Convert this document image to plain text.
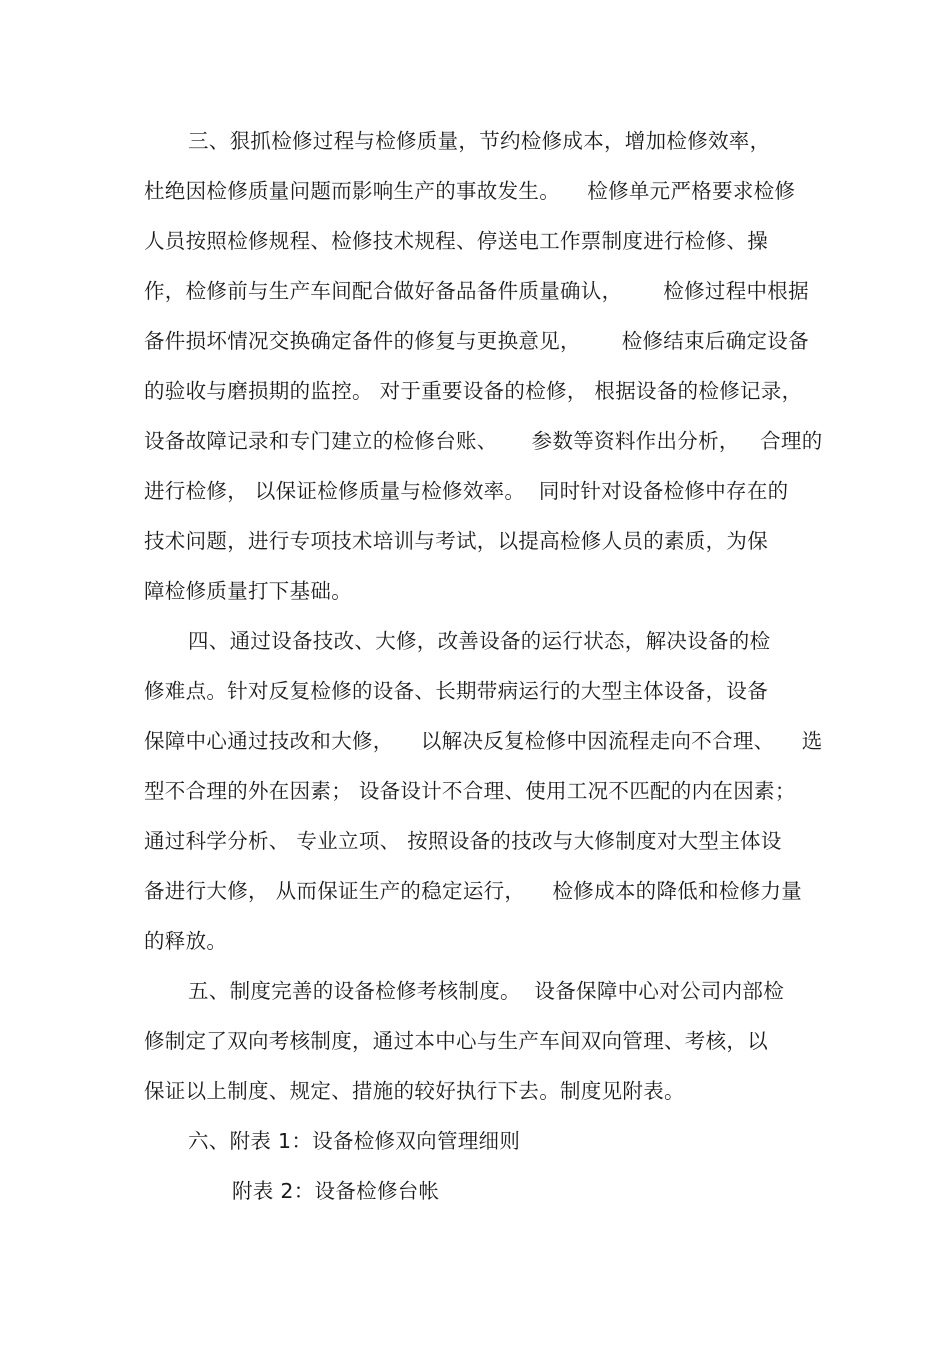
三、狠抓检修过程与检修质量，节约检修成本，增加检修效率，
杜绝因检修质量问题而影响生产的事故发生。    检修单元严格要求检修
人员按照检修规程、检修技术规程、停送电工作票制度进行检修、操
作，检修前与生产车间配合做好备品备件质量确认，      检修过程中根据
备件损坏情况交换确定备件的修复与更换意见，      检修结束后确定设备
的验收与磨损期的监控。 对于重要设备的检修， 根据设备的检修记录，
设备故障记录和专门建立的检修台账、     参数等资料作出分析，   合理的
进行检修， 以保证检修质量与检修效率。  同时针对设备检修中存在的
技术问题，进行专项技术培训与考试，以提高检修人员的素质，为保
障检修质量打下基础。
四、通过设备技改、大修，改善设备的运行状态，解决设备的检
修难点。针对反复检修的设备、长期带病运行的大型主体设备，设备
保障中心通过技改和大修，    以解决反复检修中因流程走向不合理、    选
型不合理的外在因素； 设备设计不合理、使用工况不匹配的内在因素；
通过科学分析、 专业立项、 按照设备的技改与大修制度对大型主体设
备进行大修， 从而保证生产的稳定运行，    检修成本的降低和检修力量
的释放。
五、制度完善的设备检修考核制度。  设备保障中心对公司内部检
修制定了双向考核制度，通过本中心与生产车间双向管理、考核，以
保证以上制度、规定、措施的较好执行下去。制度见附表。
六、附表 1：设备检修双向管理细则
附表 2：设备检修台帐
